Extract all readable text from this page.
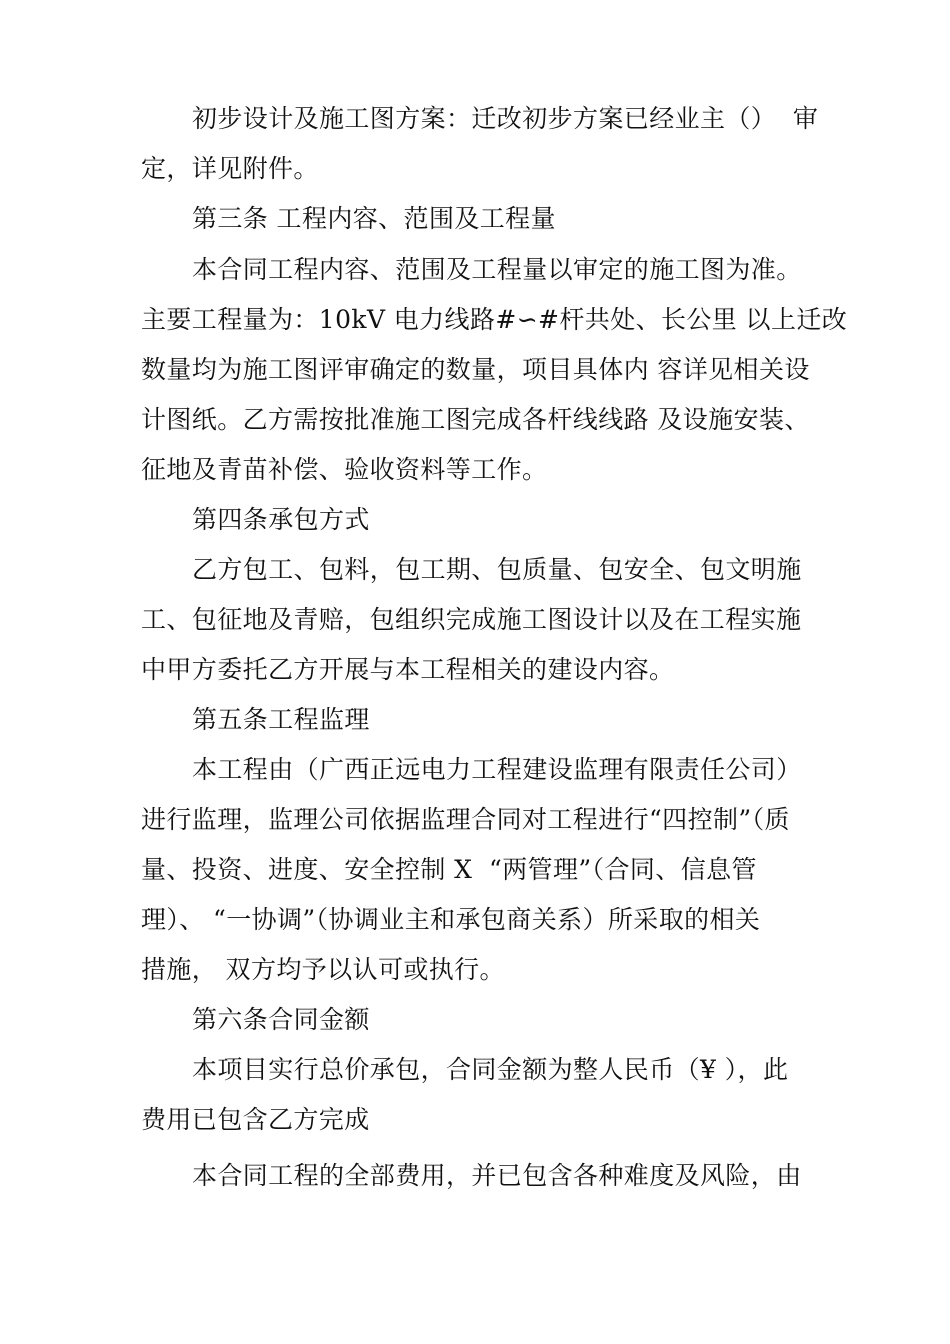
初步设计及施工图方案：迁改初步方案已经业主（）  审
定，详见附件。
第三条 工程内容、范围及工程量
本合同工程内容、范围及工程量以审定的施工图为准。
主要工程量为：10kV 电力线路#∽#杆共处、长公里 以上迁改
数量均为施工图评审确定的数量，项目具体内 容详见相关设
计图纸。乙方需按批准施工图完成各杆线线路 及设施安装、
征地及青苗补偿、验收资料等工作。
第四条承包方式
乙方包工、包料，包工期、包质量、包安全、包文明施
工、包征地及青赔，包组织完成施工图设计以及在工程实施
中甲方委托乙方开展与本工程相关的建设内容。
第五条工程监理
本工程由（广西正远电力工程建设监理有限责任公司）
进行监理，监理公司依据监理合同对工程进行“四控制”（质
量、投资、进度、安全控制 X  “两管理”（合同、信息管
理）、 “一协调”（协调业主和承包商关系）所采取的相关
措施， 双方均予以认可或执行。
第六条合同金额
本项目实行总价承包，合同金额为整人民币（¥ ），此
费用已包含乙方完成
本合同工程的全部费用，并已包含各种难度及风险，由
